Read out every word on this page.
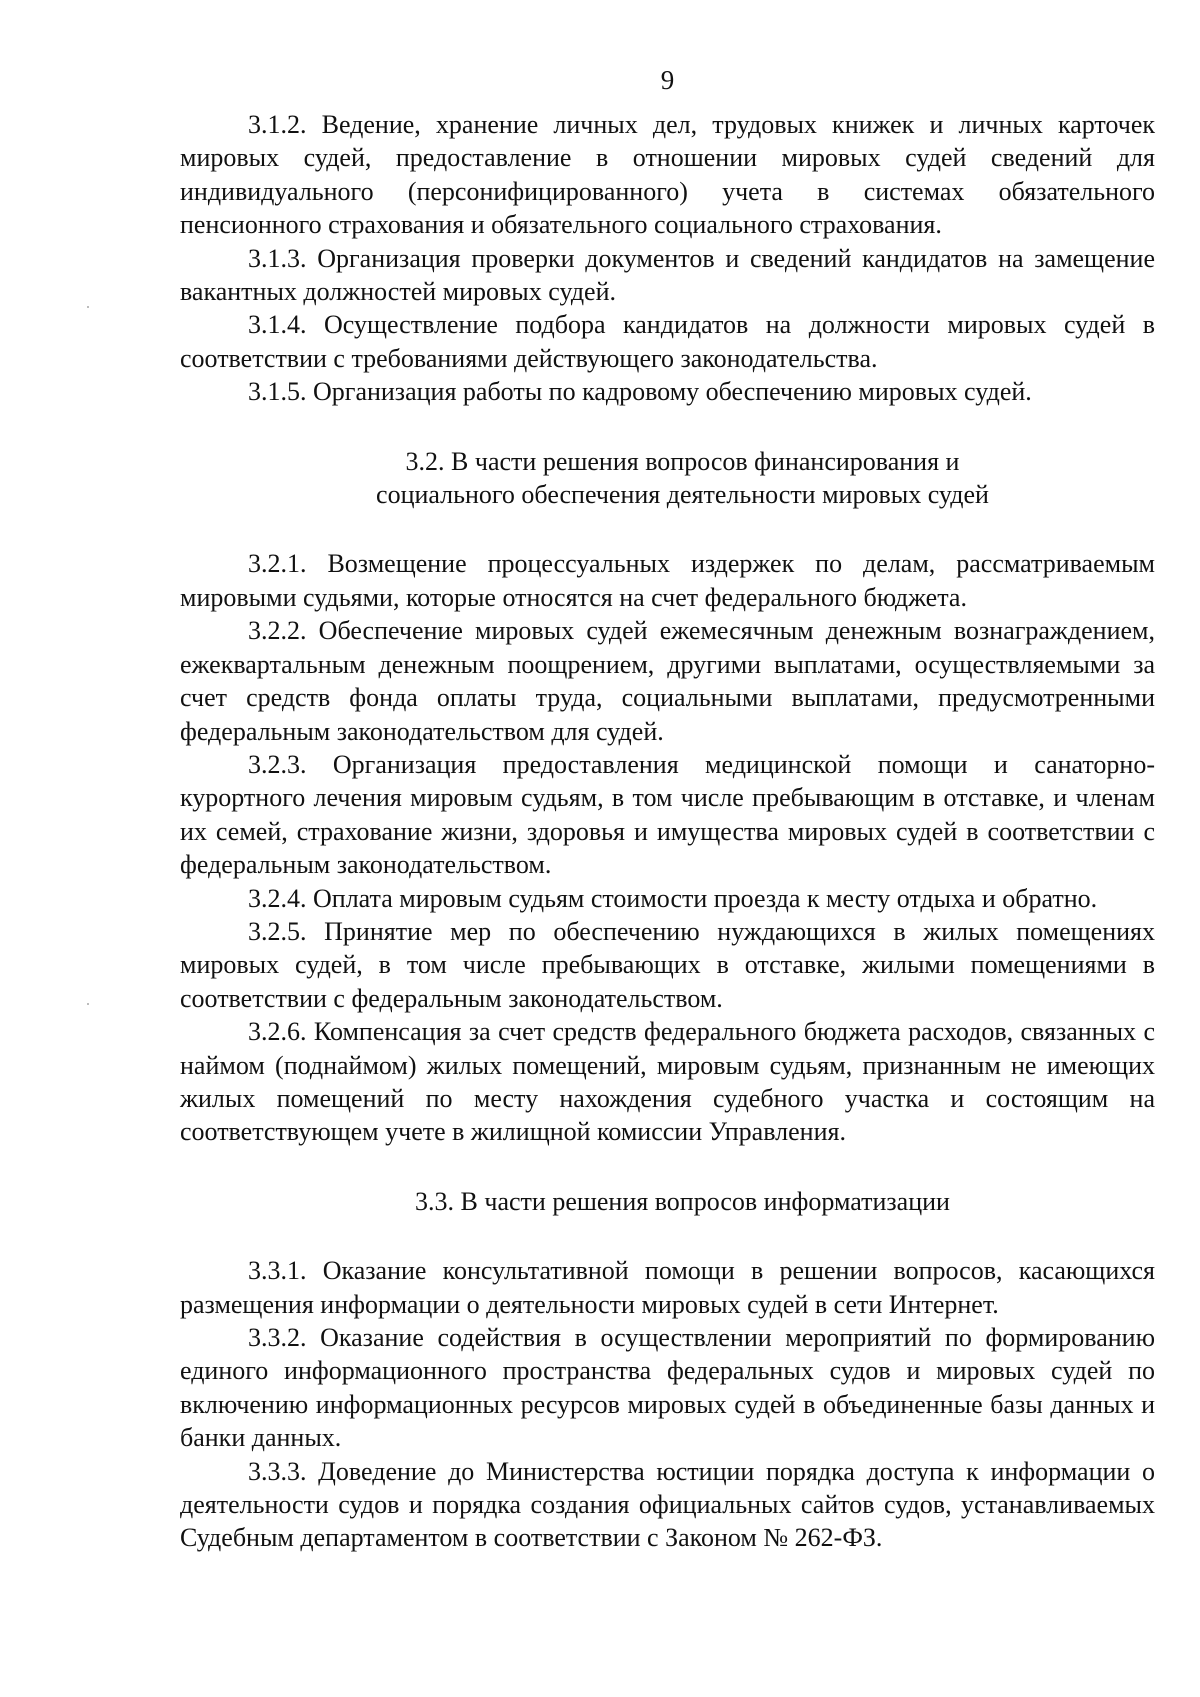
9

3.1.2. Ведение, хранение личных дел, трудовых книжек и личных карточек мировых судей, предоставление в отношении мировых судей сведений для индивидуального (персонифицированного) учета в системах обязательного пенсионного страхования и обязательного социального страхования.

3.1.3. Организация проверки документов и сведений кандидатов на замещение вакантных должностей мировых судей.

3.1.4. Осуществление подбора кандидатов на должности мировых судей в соответствии с требованиями действующего законодательства.

3.1.5. Организация работы по кадровому обеспечению мировых судей.

3.2. В части решения вопросов финансирования и
социального обеспечения деятельности мировых судей

3.2.1. Возмещение процессуальных издержек по делам, рассматриваемым мировыми судьями, которые относятся на счет федерального бюджета.

3.2.2. Обеспечение мировых судей ежемесячным денежным вознаграждением, ежеквартальным денежным поощрением, другими выплатами, осуществляемыми за счет средств фонда оплаты труда, социальными выплатами, предусмотренными федеральным законодательством для судей.

3.2.3. Организация предоставления медицинской помощи и санаторно-курортного лечения мировым судьям, в том числе пребывающим в отставке, и членам их семей, страхование жизни, здоровья и имущества мировых судей в соответствии с федеральным законодательством.

3.2.4. Оплата мировым судьям стоимости проезда к месту отдыха и обратно.

3.2.5. Принятие мер по обеспечению нуждающихся в жилых помещениях мировых судей, в том числе пребывающих в отставке, жилыми помещениями в соответствии с федеральным законодательством.

3.2.6. Компенсация за счет средств федерального бюджета расходов, связанных с наймом (поднаймом) жилых помещений, мировым судьям, признанным не имеющих жилых помещений по месту нахождения судебного участка и состоящим на соответствующем учете в жилищной комиссии Управления.

3.3. В части решения вопросов информатизации

3.3.1. Оказание консультативной помощи в решении вопросов, касающихся размещения информации о деятельности мировых судей в сети Интернет.

3.3.2. Оказание содействия в осуществлении мероприятий по формированию единого информационного пространства федеральных судов и мировых судей по включению информационных ресурсов мировых судей в объединенные базы данных и банки данных.

3.3.3. Доведение до Министерства юстиции порядка доступа к информации о деятельности судов и порядка создания официальных сайтов судов, устанавливаемых Судебным департаментом в соответствии с Законом № 262-ФЗ.
